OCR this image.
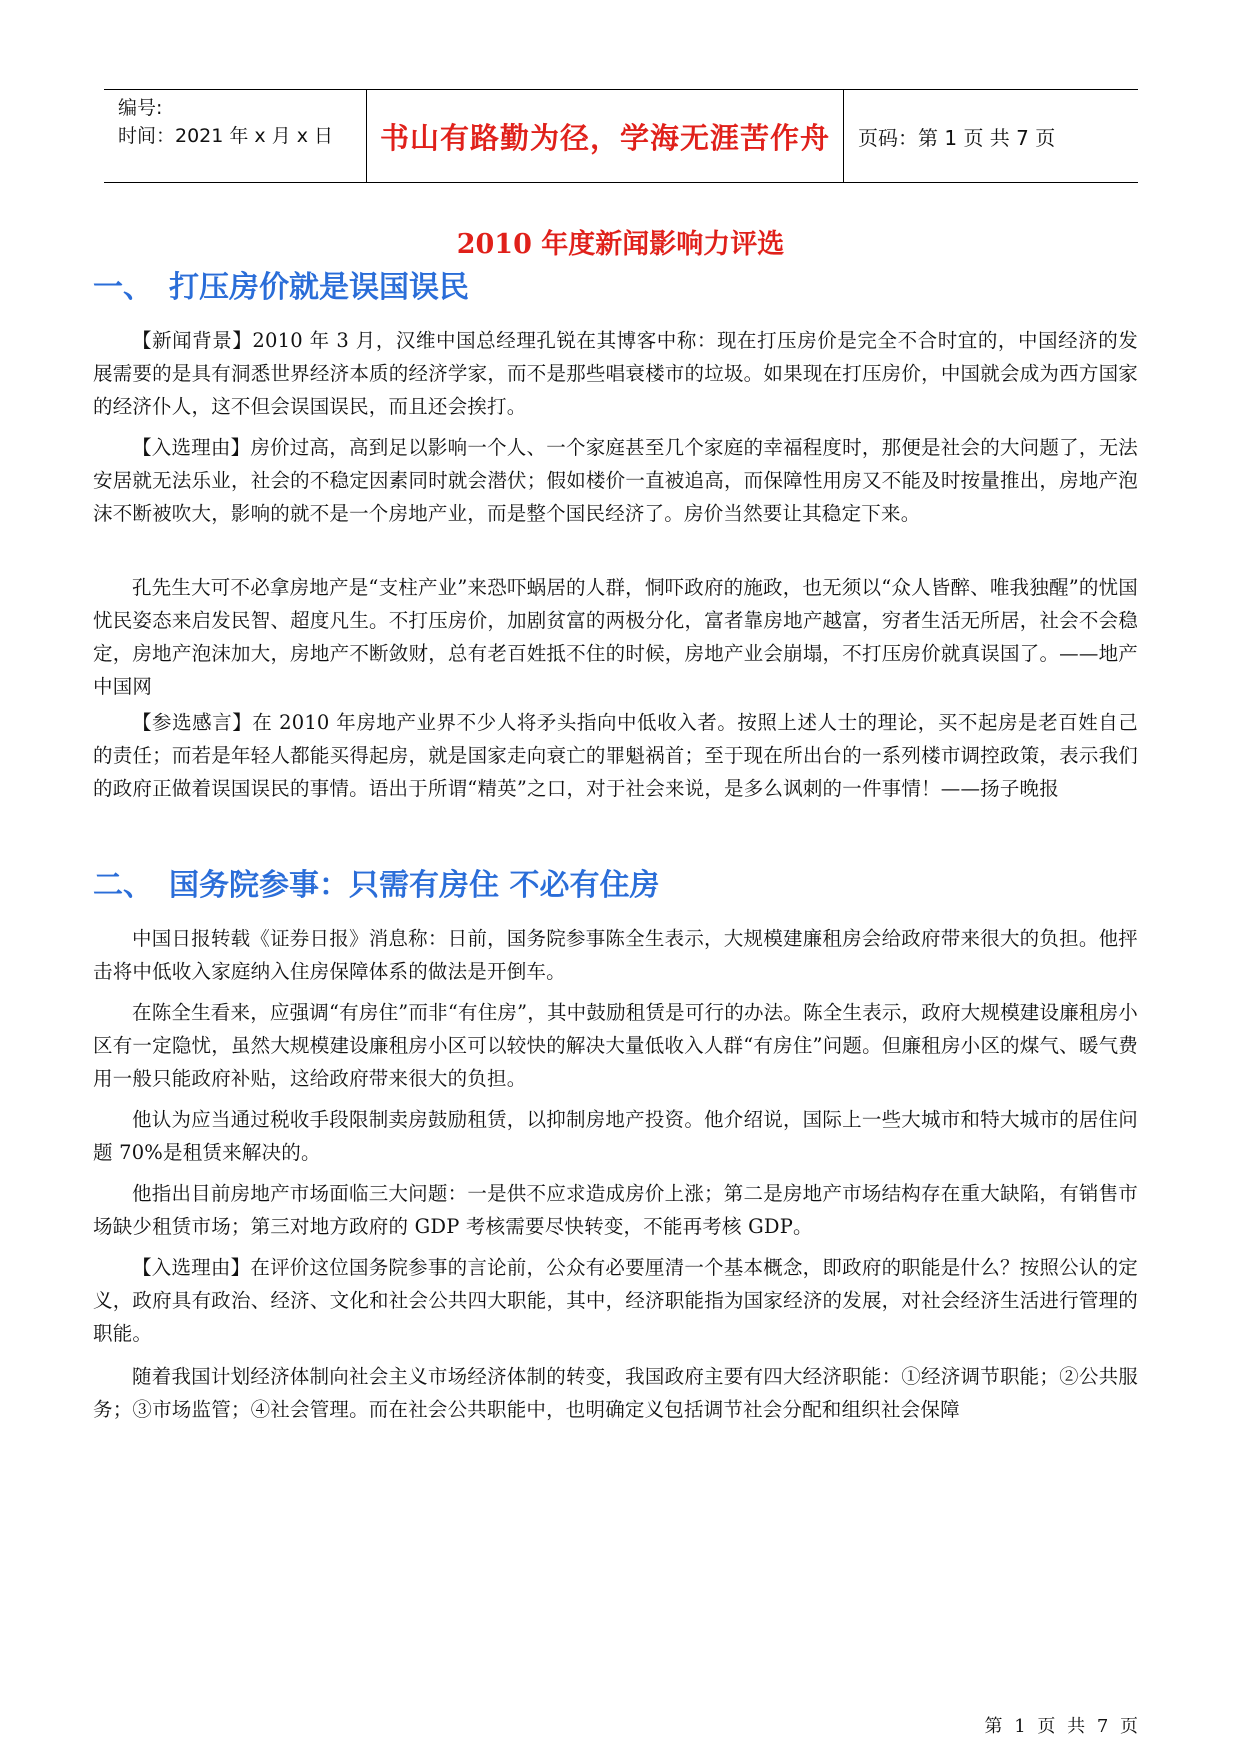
编号:
时间：2021 年 x 月 x 日	书山有路勤为径，学海无涯苦作舟 页码：第 1 页 共 7 页
2010 年度新闻影响力评选
一、 打压房价就是误国误民
【新闻背景】2010 年 3 月，汉维中国总经理孔锐在其博客中称：现在打压房价是完全不合时宜的，中国经济的发展需要的是具有洞悉世界经济本质的经济学家，而不是那些唱衰楼市的垃圾。如果现在打压房价，中国就会成为西方国家的经济仆人，这不但会误国误民，而且还会挨打。
【入选理由】房价过高，高到足以影响一个人、一个家庭甚至几个家庭的幸福程度时，那便是社会的大问题了，无法安居就无法乐业，社会的不稳定因素同时就会潜伏；假如楼价一直被追高，而保障性用房又不能及时按量推出，房地产泡沫不断被吹大，影响的就不是一个房地产业，而是整个国民经济了。房价当然要让其稳定下来。
孔先生大可不必拿房地产是“支柱产业”来恐吓蜗居的人群，恫吓政府的施政，也无须以“众人皆醉、唯我独醒”的忧国忧民姿态来启发民智、超度凡生。不打压房价，加剧贫富的两极分化，富者靠房地产越富，穷者生活无所居，社会不会稳定，房地产泡沫加大，房地产不断敛财，总有老百姓抵不住的时候，房地产业会崩塌，不打压房价就真误国了。——地产中国网
【参选感言】在 2010 年房地产业界不少人将矛头指向中低收入者。按照上述人士的理论，买不起房是老百姓自己的责任；而若是年轻人都能买得起房，就是国家走向衰亡的罪魁祸首；至于现在所出台的一系列楼市调控政策，表示我们的政府正做着误国误民的事情。语出于所谓“精英”之口，对于社会来说，是多么讽刺的一件事情！——扬子晚报
二、 国务院参事：只需有房住 不必有住房
中国日报转载《证券日报》消息称：日前，国务院参事陈全生表示，大规模建廉租房会给政府带来很大的负担。他抨击将中低收入家庭纳入住房保障体系的做法是开倒车。
在陈全生看来，应强调“有房住”而非“有住房”，其中鼓励租赁是可行的办法。陈全生表示，政府大规模建设廉租房小区有一定隐忧，虽然大规模建设廉租房小区可以较快的解决大量低收入人群“有房住”问题。但廉租房小区的煤气、暖气费用一般只能政府补贴，这给政府带来很大的负担。
他认为应当通过税收手段限制卖房鼓励租赁，以抑制房地产投资。他介绍说，国际上一些大城市和特大城市的居住问题 70%是租赁来解决的。
他指出目前房地产市场面临三大问题：一是供不应求造成房价上涨；第二是房地产市场结构存在重大缺陷，有销售市场缺少租赁市场；第三对地方政府的 GDP 考核需要尽快转变，不能再考核 GDP。
【入选理由】在评价这位国务院参事的言论前，公众有必要厘清一个基本概念，即政府的职能是什么？按照公认的定义，政府具有政治、经济、文化和社会公共四大职能，其中，经济职能指为国家经济的发展，对社会经济生活进行管理的职能。
随着我国计划经济体制向社会主义市场经济体制的转变，我国政府主要有四大经济职能：①经济调节职能；②公共服务；③市场监管；④社会管理。而在社会公共职能中，也明确定义包括调节社会分配和组织社会保障
第 1 页 共 7 页
